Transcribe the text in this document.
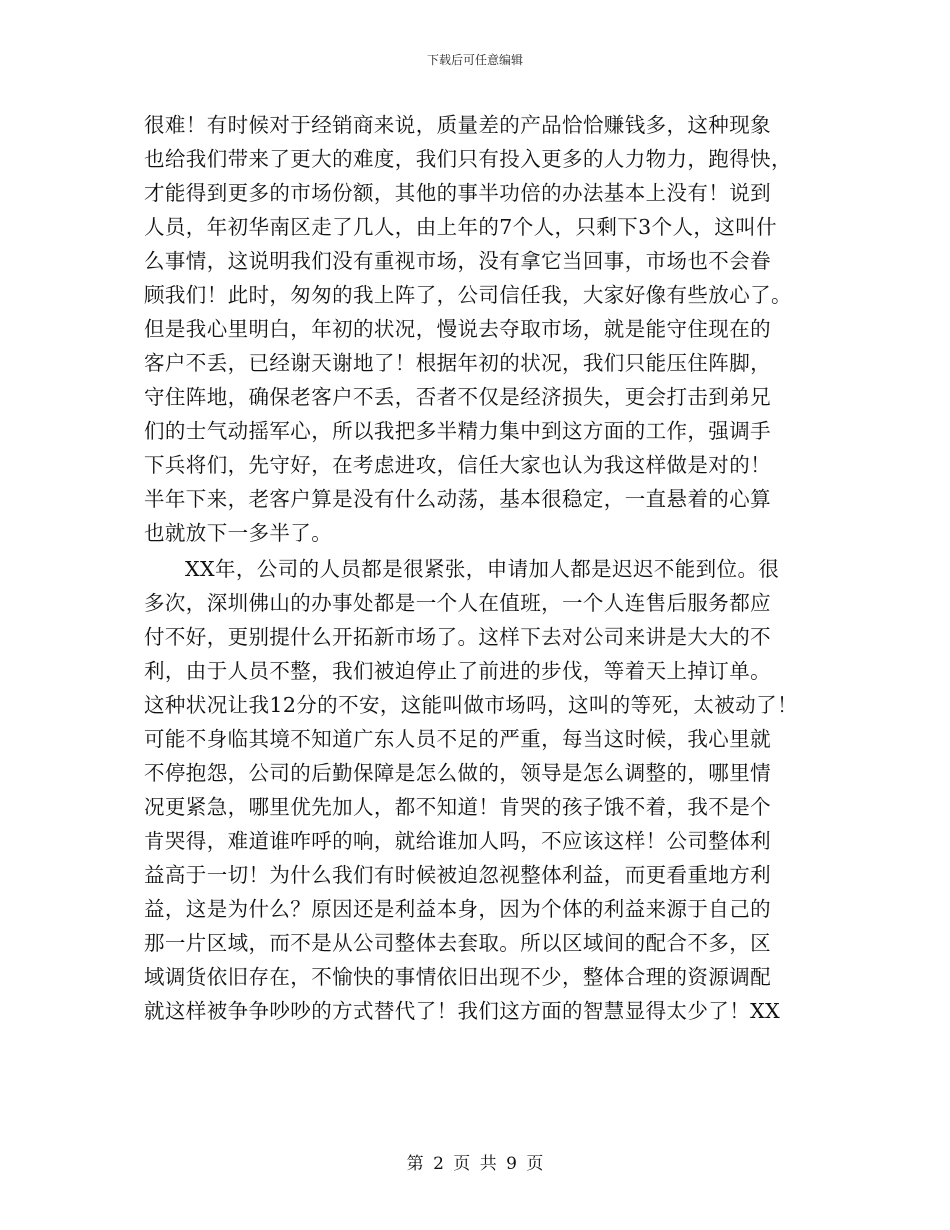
下载后可任意编辑
很难！有时候对于经销商来说，质量差的产品恰恰赚钱多，这种现象
也给我们带来了更大的难度，我们只有投入更多的人力物力，跑得快，
才能得到更多的市场份额，其他的事半功倍的办法基本上没有！说到
人员，年初华南区走了几人，由上年的7个人，只剩下3个人，这叫什
么事情，这说明我们没有重视市场，没有拿它当回事，市场也不会眷
顾我们！此时，匆匆的我上阵了，公司信任我，大家好像有些放心了。
但是我心里明白，年初的状况，慢说去夺取市场，就是能守住现在的
客户不丢，已经谢天谢地了！根据年初的状况，我们只能压住阵脚，
守住阵地，确保老客户不丢，否者不仅是经济损失，更会打击到弟兄
们的士气动摇军心，所以我把多半精力集中到这方面的工作，强调手
下兵将们，先守好，在考虑进攻，信任大家也认为我这样做是对的！
半年下来，老客户算是没有什么动荡，基本很稳定，一直悬着的心算
也就放下一多半了。
XX年，公司的人员都是很紧张，申请加人都是迟迟不能到位。很
多次，深圳佛山的办事处都是一个人在值班，一个人连售后服务都应
付不好，更别提什么开拓新市场了。这样下去对公司来讲是大大的不
利，由于人员不整，我们被迫停止了前进的步伐，等着天上掉订单。
这种状况让我12分的不安，这能叫做市场吗，这叫的等死，太被动了！
可能不身临其境不知道广东人员不足的严重，每当这时候，我心里就
不停抱怨，公司的后勤保障是怎么做的，领导是怎么调整的，哪里情
况更紧急，哪里优先加人，都不知道！肯哭的孩子饿不着，我不是个
肯哭得，难道谁咋呼的响，就给谁加人吗，不应该这样！公司整体利
益高于一切！为什么我们有时候被迫忽视整体利益，而更看重地方利
益，这是为什么？原因还是利益本身，因为个体的利益来源于自己的
那一片区域，而不是从公司整体去套取。所以区域间的配合不多，区
域调货依旧存在，不愉快的事情依旧出现不少，整体合理的资源调配
就这样被争争吵吵的方式替代了！我们这方面的智慧显得太少了！XX
第 2 页 共 9 页
